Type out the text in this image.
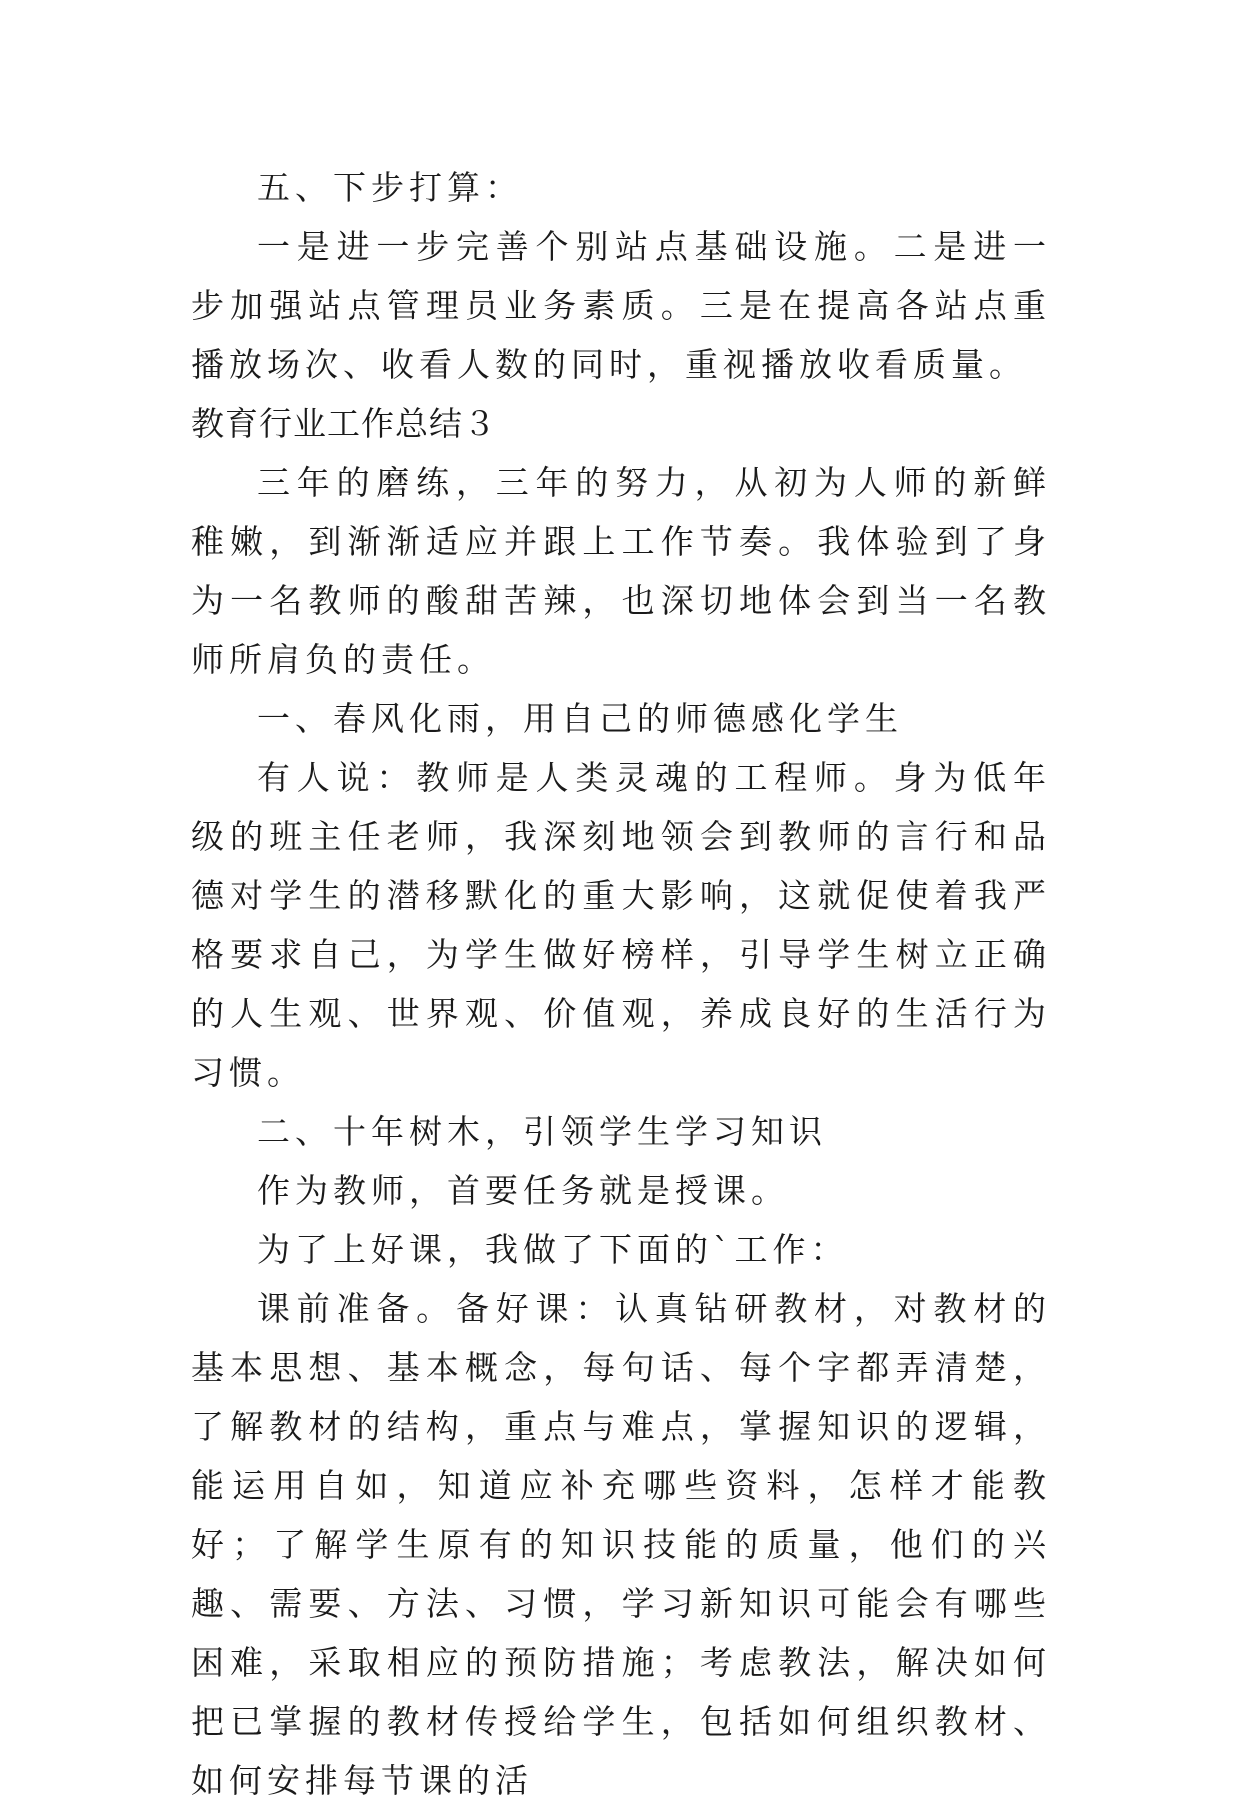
五、下步打算：

一是进一步完善个别站点基础设施。二是进一步加强站点管理员业务素质。三是在提高各站点重播放场次、收看人数的同时，重视播放收看质量。

教育行业工作总结３

三年的磨练，三年的努力，从初为人师的新鲜稚嫩，到渐渐适应并跟上工作节奏。我体验到了身为一名教师的酸甜苦辣，也深切地体会到当一名教师所肩负的责任。

一、春风化雨，用自己的师德感化学生

有人说：教师是人类灵魂的工程师。身为低年级的班主任老师，我深刻地领会到教师的言行和品德对学生的潜移默化的重大影响，这就促使着我严格要求自己，为学生做好榜样，引导学生树立正确的人生观、世界观、价值观，养成良好的生活行为习惯。

二、十年树木，引领学生学习知识

作为教师，首要任务就是授课。

为了上好课，我做了下面的`工作：

课前准备。备好课：认真钻研教材，对教材的基本思想、基本概念，每句话、每个字都弄清楚，了解教材的结构，重点与难点，掌握知识的逻辑，能运用自如，知道应补充哪些资料，怎样才能教好；了解学生原有的知识技能的质量，他们的兴趣、需要、方法、习惯，学习新知识可能会有哪些困难，采取相应的预防措施；考虑教法，解决如何把已掌握的教材传授给学生，包括如何组织教材、如何安排每节课的活
